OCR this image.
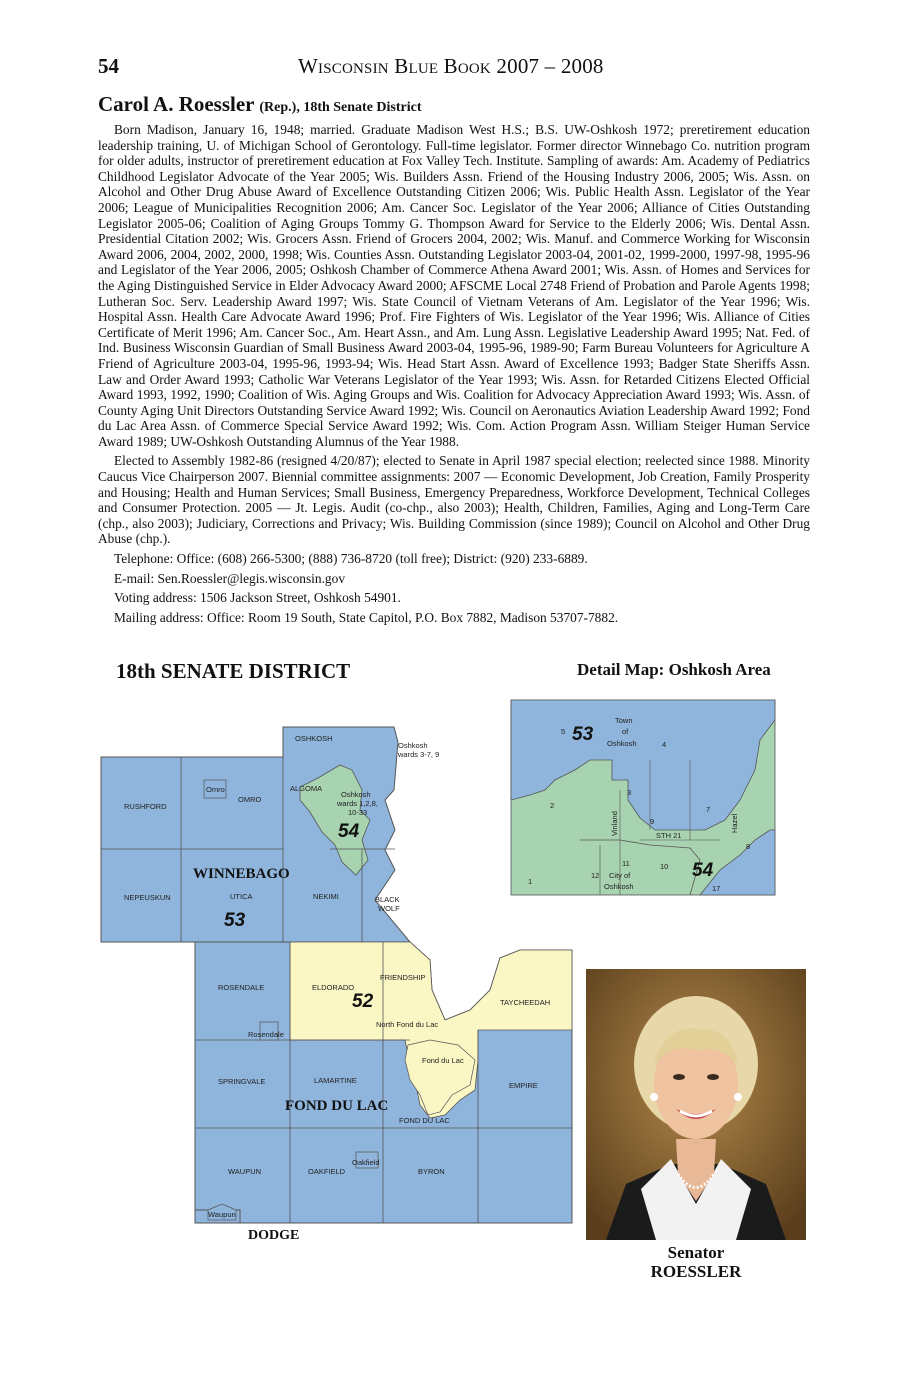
54	Wisconsin Blue Book 2007 – 2008
Carol A. Roessler (Rep.), 18th Senate District

Born Madison, January 16, 1948; married. Graduate Madison West H.S.; B.S. UW-Oshkosh 1972; preretirement education leadership training, U. of Michigan School of Gerontology. Full-time legislator. Former director Winnebago Co. nutrition program for older adults, instructor of preretirement education at Fox Valley Tech. Institute. Sampling of awards: Am. Academy of Pediatrics Childhood Legislator Advocate of the Year 2005; Wis. Builders Assn. Friend of the Housing Industry 2006, 2005; Wis. Assn. on Alcohol and Other Drug Abuse Award of Excellence Outstanding Citizen 2006; Wis. Public Health Assn. Legislator of the Year 2006; League of Municipalities Recognition 2006; Am. Cancer Soc. Legislator of the Year 2006; Alliance of Cities Outstanding Legislator 2005-06; Coalition of Aging Groups Tommy G. Thompson Award for Service to the Elderly 2006; Wis. Dental Assn. Presidential Citation 2002; Wis. Grocers Assn. Friend of Grocers 2004, 2002; Wis. Manuf. and Commerce Working for Wisconsin Award 2006, 2004, 2002, 2000, 1998; Wis. Counties Assn. Outstanding Legislator 2003-04, 2001-02, 1999-2000, 1997-98, 1995-96 and Legislator of the Year 2006, 2005; Oshkosh Chamber of Commerce Athena Award 2001; Wis. Assn. of Homes and Services for the Aging Distinguished Service in Elder Advocacy Award 2000; AFSCME Local 2748 Friend of Probation and Parole Agents 1998; Lutheran Soc. Serv. Leadership Award 1997; Wis. State Council of Vietnam Veterans of Am. Legislator of the Year 1996; Wis. Hospital Assn. Health Care Advocate Award 1996; Prof. Fire Fighters of Wis. Legislator of the Year 1996; Wis. Alliance of Cities Certificate of Merit 1996; Am. Cancer Soc., Am. Heart Assn., and Am. Lung Assn. Legislative Leadership Award 1995; Nat. Fed. of Ind. Business Wisconsin Guardian of Small Business Award 2003-04, 1995-96, 1989-90; Farm Bureau Volunteers for Agriculture A Friend of Agriculture 2003-04, 1995-96, 1993-94; Wis. Head Start Assn. Award of Excellence 1993; Badger State Sheriffs Assn. Law and Order Award 1993; Catholic War Veterans Legislator of the Year 1993; Wis. Assn. for Retarded Citizens Elected Official Award 1993, 1992, 1990; Coalition of Wis. Aging Groups and Wis. Coalition for Advocacy Appreciation Award 1993; Wis. Assn. of County Aging Unit Directors Outstanding Service Award 1992; Wis. Council on Aeronautics Aviation Leadership Award 1992; Fond du Lac Area Assn. of Commerce Special Service Award 1992; Wis. Com. Action Program Assn. William Steiger Human Service Award 1989; UW-Oshkosh Outstanding Alumnus of the Year 1988.

Elected to Assembly 1982-86 (resigned 4/20/87); elected to Senate in April 1987 special election; reelected since 1988. Minority Caucus Vice Chairperson 2007. Biennial committee assignments: 2007 — Economic Development, Job Creation, Family Prosperity and Housing; Health and Human Services; Small Business, Emergency Preparedness, Workforce Development, Technical Colleges and Consumer Protection. 2005 — Jt. Legis. Audit (co-chp., also 2003); Health, Children, Families, Aging and Long-Term Care (chp., also 2003); Judiciary, Corrections and Privacy; Wis. Building Commission (since 1989); Council on Alcohol and Other Drug Abuse (chp.).

Telephone: Office: (608) 266-5300; (888) 736-8720 (toll free); District: (920) 233-6889.

E-mail: Sen.Roessler@legis.wisconsin.gov

Voting address: 1506 Jackson Street, Oshkosh 54901.

Mailing address: Office: Room 19 South, State Capitol, P.O. Box 7882, Madison 53707-7882.

18th SENATE DISTRICT	Detail Map: Oshkosh Area
OSHKOSH
Oshkosh
wards 3-7, 9
RUSHFORD
Omro
OMRO
ALGOMA
Oshkosh
wards 1,2,8,
10-33
54
WINNEBAGO
NEPEUSKUN	UTICA	NEKIMI	BLACK
WOLF
53
ROSENDALE	ELDORADO
FRIENDSHIP
TAYCHEEDAH
52
North Fond du Lac
Rosendale
Fond du Lac
SPRINGVALE	LAMARTINE
EMPIRE
FOND DU LAC
FOND DU LAC
Oakfield
WAUPUN	OAKFIELD	BYRON
Waupun
DODGE
5 53
Town
of
Oshkosh	4
3
2
9
7
8
Vinland	STH 21
Hazel
11	10
12 City of
Oshkosh
1
54
17
Senator
ROESSLER
